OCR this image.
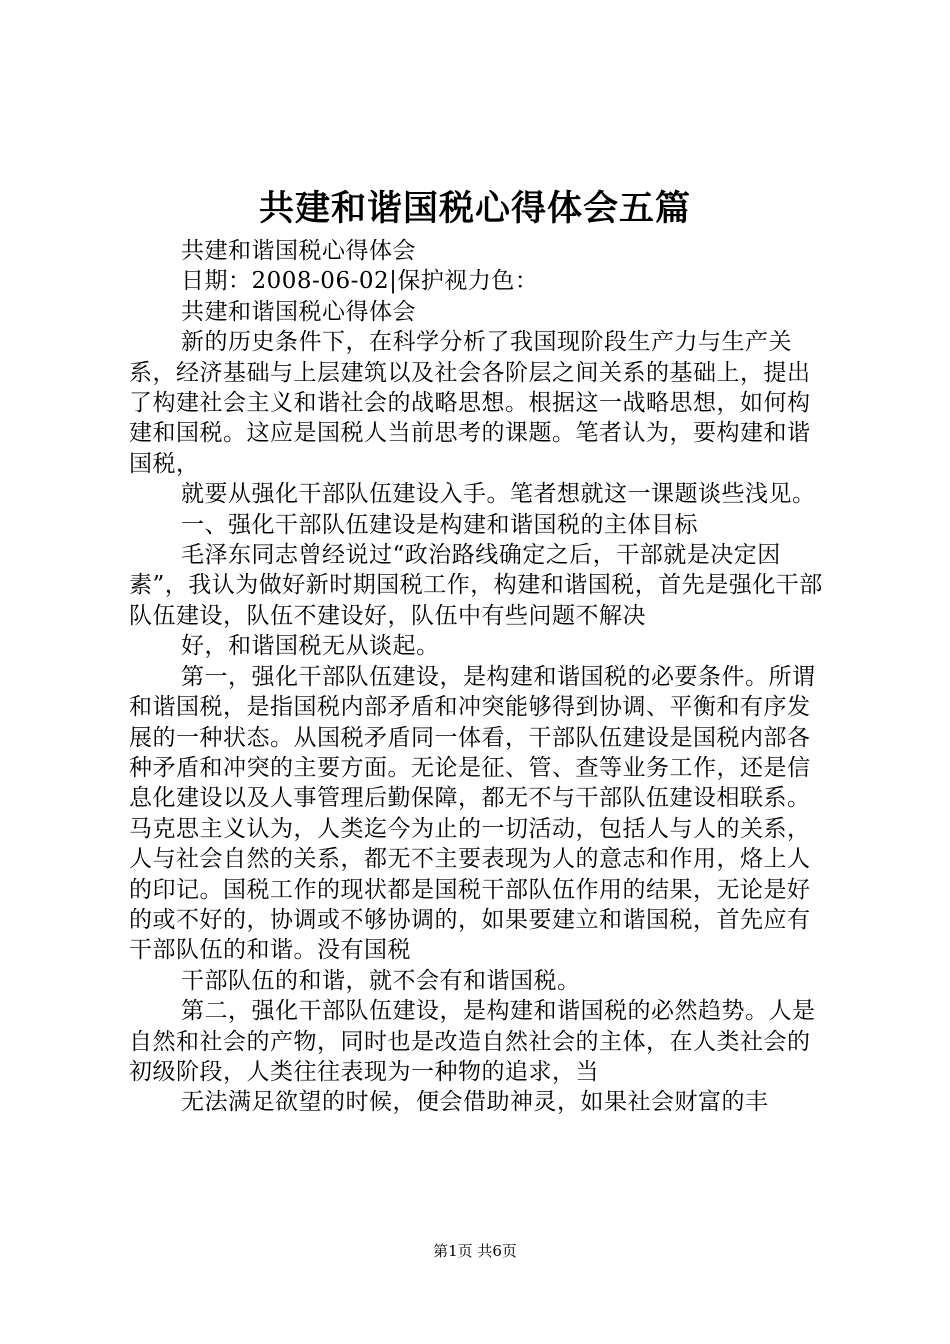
共建和谐国税心得体会五篇

共建和谐国税心得体会

日期：2008-06-02|保护视力色：

共建和谐国税心得体会

新的历史条件下，在科学分析了我国现阶段生产力与生产关系，经济基础与上层建筑以及社会各阶层之间关系的基础上，提出了构建社会主义和谐社会的战略思想。根据这一战略思想，如何构建和国税。这应是国税人当前思考的课题。笔者认为，要构建和谐国税，

就要从强化干部队伍建设入手。笔者想就这一课题谈些浅见。

一、强化干部队伍建设是构建和谐国税的主体目标

毛泽东同志曾经说过“政治路线确定之后，干部就是决定因素”，我认为做好新时期国税工作，构建和谐国税，首先是强化干部队伍建设，队伍不建设好，队伍中有些问题不解决

好，和谐国税无从谈起。

第一，强化干部队伍建设，是构建和谐国税的必要条件。所谓和谐国税，是指国税内部矛盾和冲突能够得到协调、平衡和有序发展的一种状态。从国税矛盾同一体看，干部队伍建设是国税内部各种矛盾和冲突的主要方面。无论是征、管、查等业务工作，还是信息化建设以及人事管理后勤保障，都无不与干部队伍建设相联系。马克思主义认为，人类迄今为止的一切活动，包括人与人的关系，人与社会自然的关系，都无不主要表现为人的意志和作用，烙上人的印记。国税工作的现状都是国税干部队伍作用的结果，无论是好的或不好的，协调或不够协调的，如果要建立和谐国税，首先应有干部队伍的和谐。没有国税

干部队伍的和谐，就不会有和谐国税。

第二，强化干部队伍建设，是构建和谐国税的必然趋势。人是自然和社会的产物，同时也是改造自然社会的主体，在人类社会的初级阶段，人类往往表现为一种物的追求，当

无法满足欲望的时候，便会借助神灵，如果社会财富的丰

第1页 共6页
